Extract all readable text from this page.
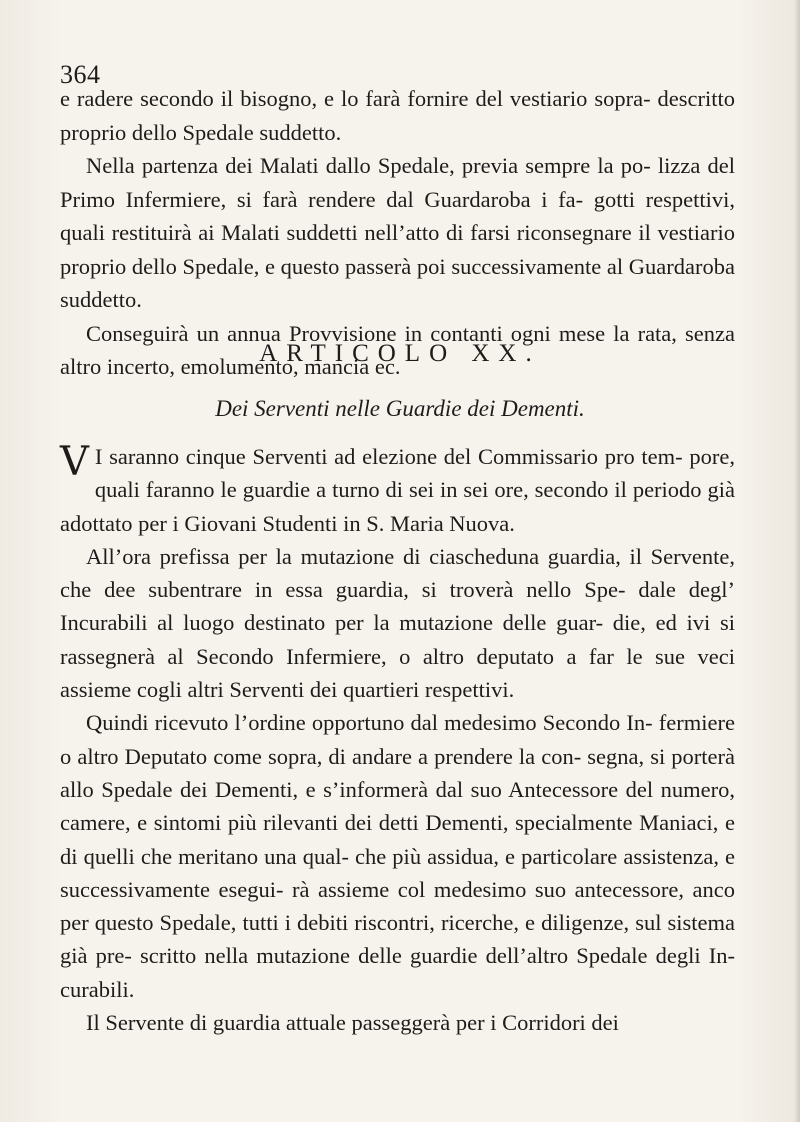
364

e radere secondo il bisogno, e lo farà fornire del vestiario sopra- descritto proprio dello Spedale suddetto.

Nella partenza dei Malati dallo Spedale, previa sempre la po- lizza del Primo Infermiere, si farà rendere dal Guardaroba i fa- gotti respettivi, quali restituirà ai Malati suddetti nell’atto di farsi riconsegnare il vestiario proprio dello Spedale, e questo passerà poi successivamente al Guardaroba suddetto.

Conseguirà un annua Provvisione in contanti ogni mese la rata, senza altro incerto, emolumento, mancia ec.

ARTICOLO XX.
Dei Serventi nelle Guardie dei Dementi.

V I saranno cinque Serventi ad elezione del Commissario pro tem- pore, quali faranno le guardie a turno di sei in sei ore, secondo il periodo già adottato per i Giovani Studenti in S. Maria Nuova.

All’ora prefissa per la mutazione di ciascheduna guardia, il Servente, che dee subentrare in essa guardia, si troverà nello Spe- dale degl’ Incurabili al luogo destinato per la mutazione delle guar- die, ed ivi si rassegnerà al Secondo Infermiere, o altro deputato a far le sue veci assieme cogli altri Serventi dei quartieri respettivi.

Quindi ricevuto l’ordine opportuno dal medesimo Secondo In- fermiere o altro Deputato come sopra, di andare a prendere la con- segna, si porterà allo Spedale dei Dementi, e s’informerà dal suo Antecessore del numero, camere, e sintomi più rilevanti dei detti Dementi, specialmente Maniaci, e di quelli che meritano una qual- che più assidua, e particolare assistenza, e successivamente esegui- rà assieme col medesimo suo antecessore, anco per questo Spedale, tutti i debiti riscontri, ricerche, e diligenze, sul sistema già pre- scritto nella mutazione delle guardie dell’altro Spedale degli In- curabili.

Il Servente di guardia attuale passeggerà per i Corridori dei
